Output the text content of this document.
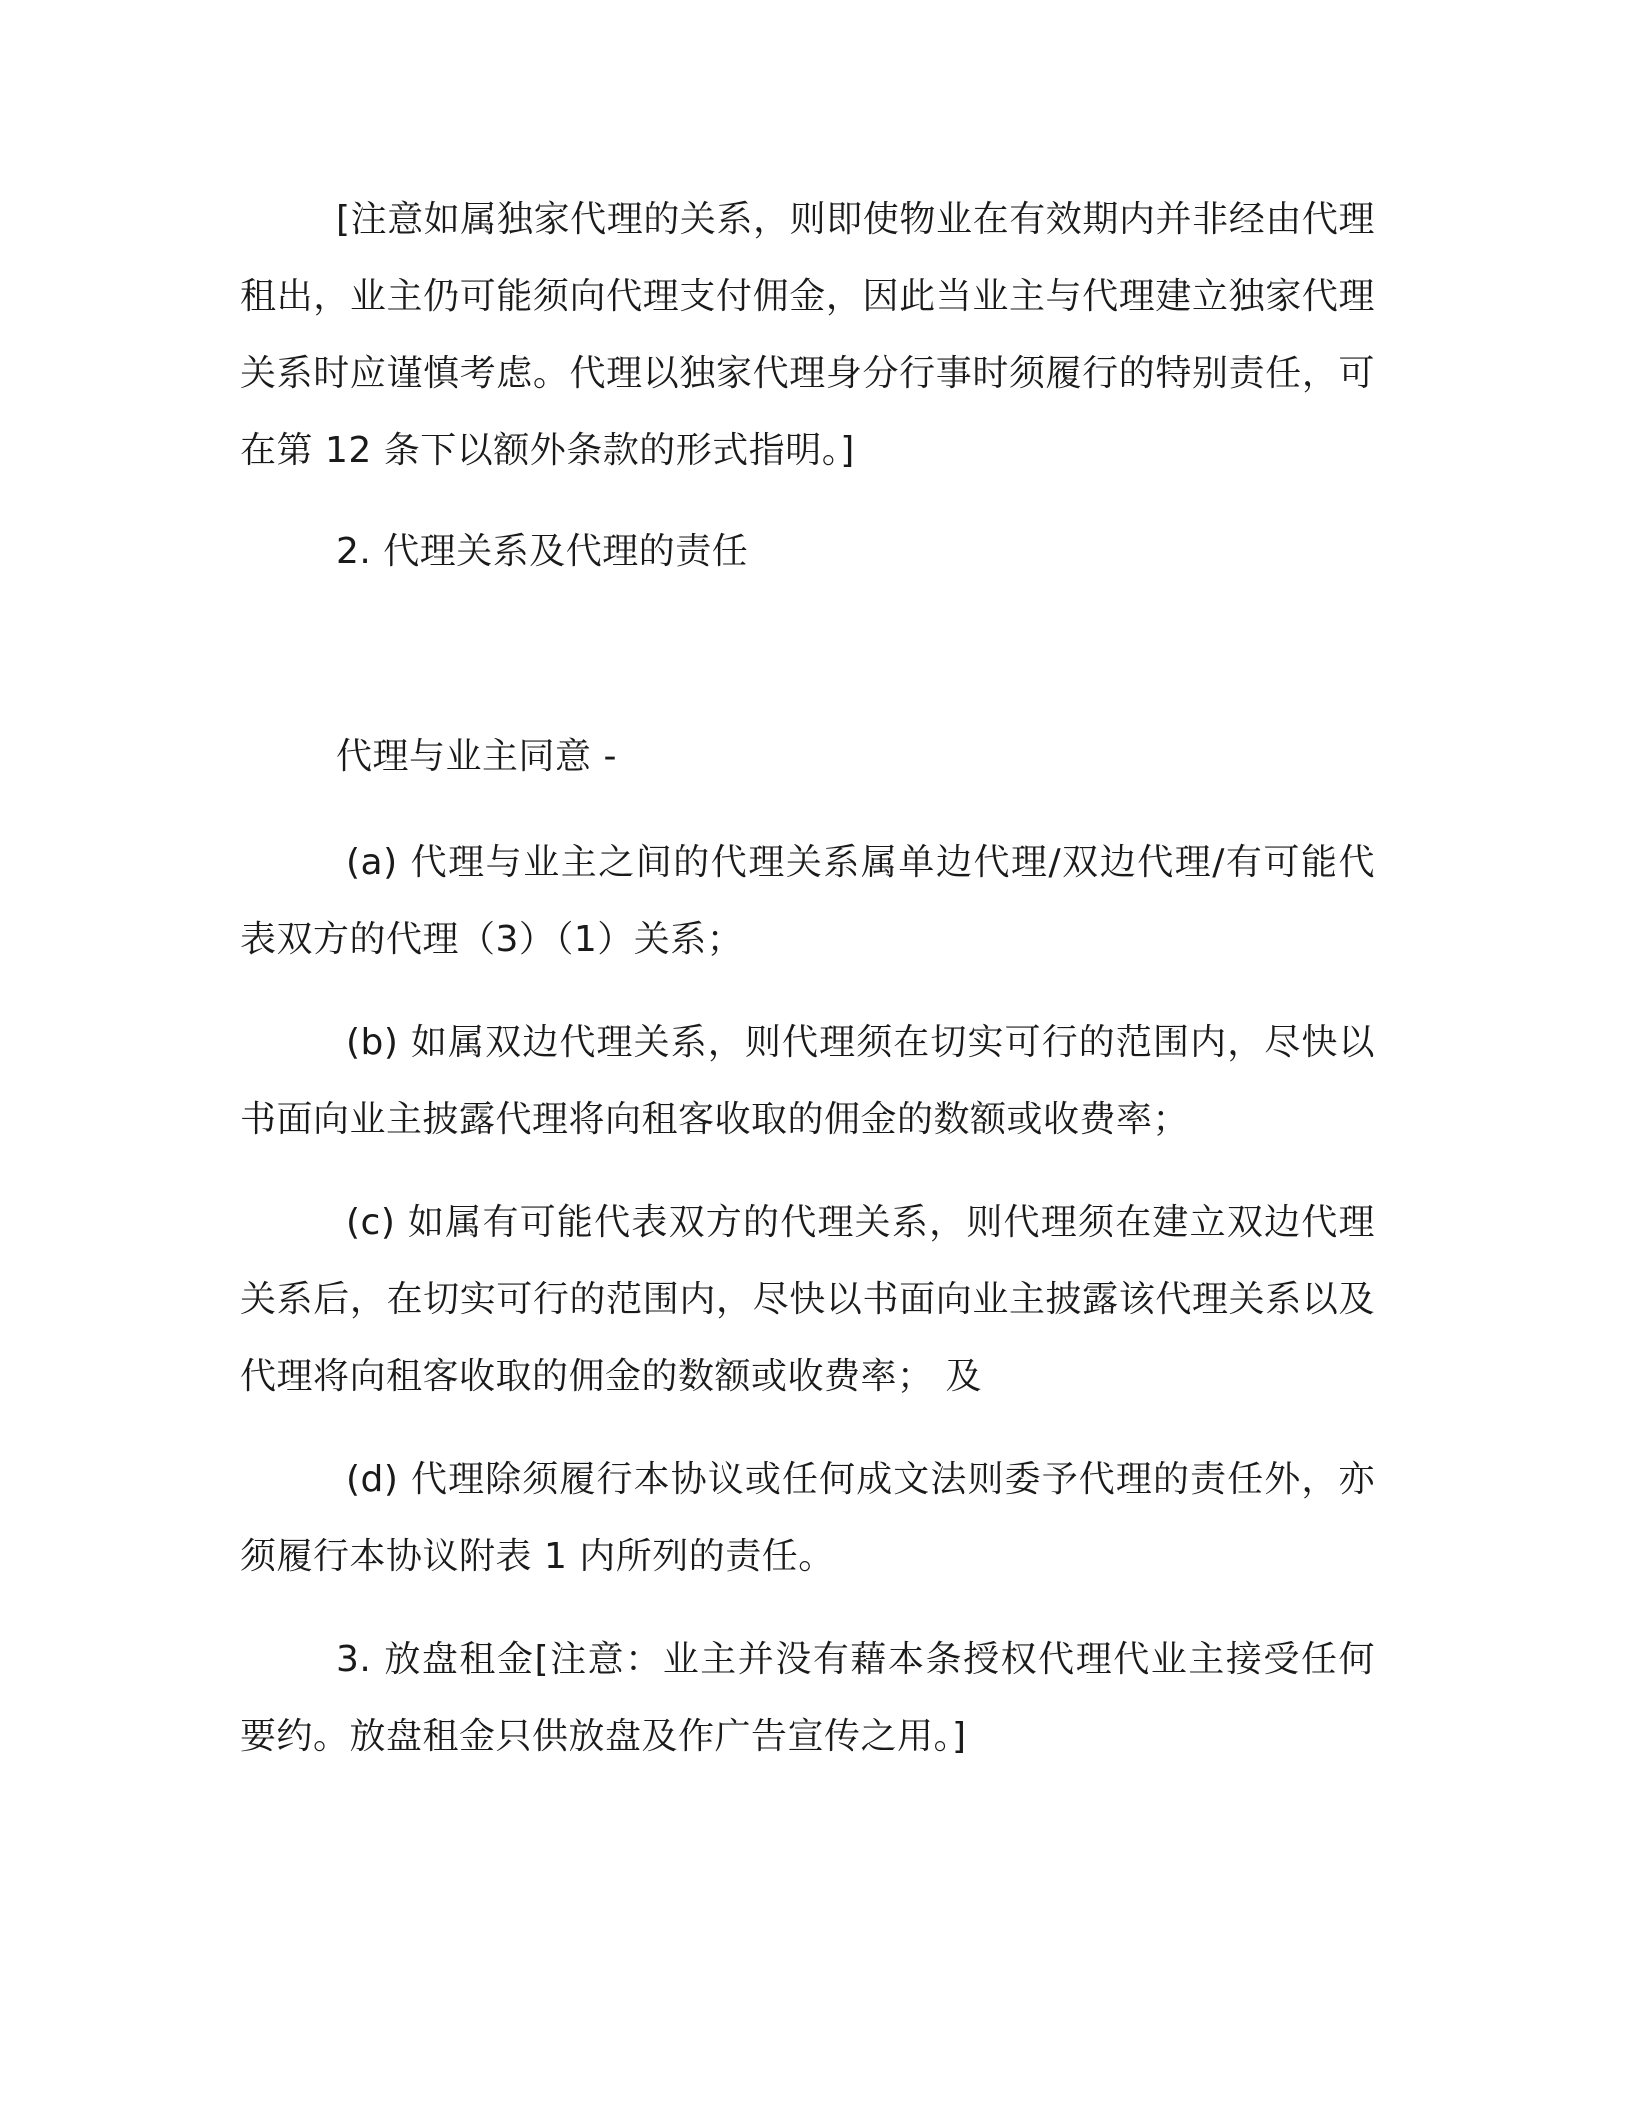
[注意如属独家代理的关系，则即使物业在有效期内并非经由代理租出，业主仍可能须向代理支付佣金，因此当业主与代理建立独家代理关系时应谨慎考虑。代理以独家代理身分行事时须履行的特别责任，可在第 12 条下以额外条款的形式指明。]

2. 代理关系及代理的责任

代理与业主同意 -

(a) 代理与业主之间的代理关系属单边代理/双边代理/有可能代表双方的代理（3）（1）关系；

(b) 如属双边代理关系，则代理须在切实可行的范围内，尽快以书面向业主披露代理将向租客收取的佣金的数额或收费率；

(c) 如属有可能代表双方的代理关系，则代理须在建立双边代理关系后，在切实可行的范围内，尽快以书面向业主披露该代理关系以及代理将向租客收取的佣金的数额或收费率； 及

(d) 代理除须履行本协议或任何成文法则委予代理的责任外，亦须履行本协议附表 1 内所列的责任。

3. 放盘租金[注意：业主并没有藉本条授权代理代业主接受任何要约。放盘租金只供放盘及作广告宣传之用。]
